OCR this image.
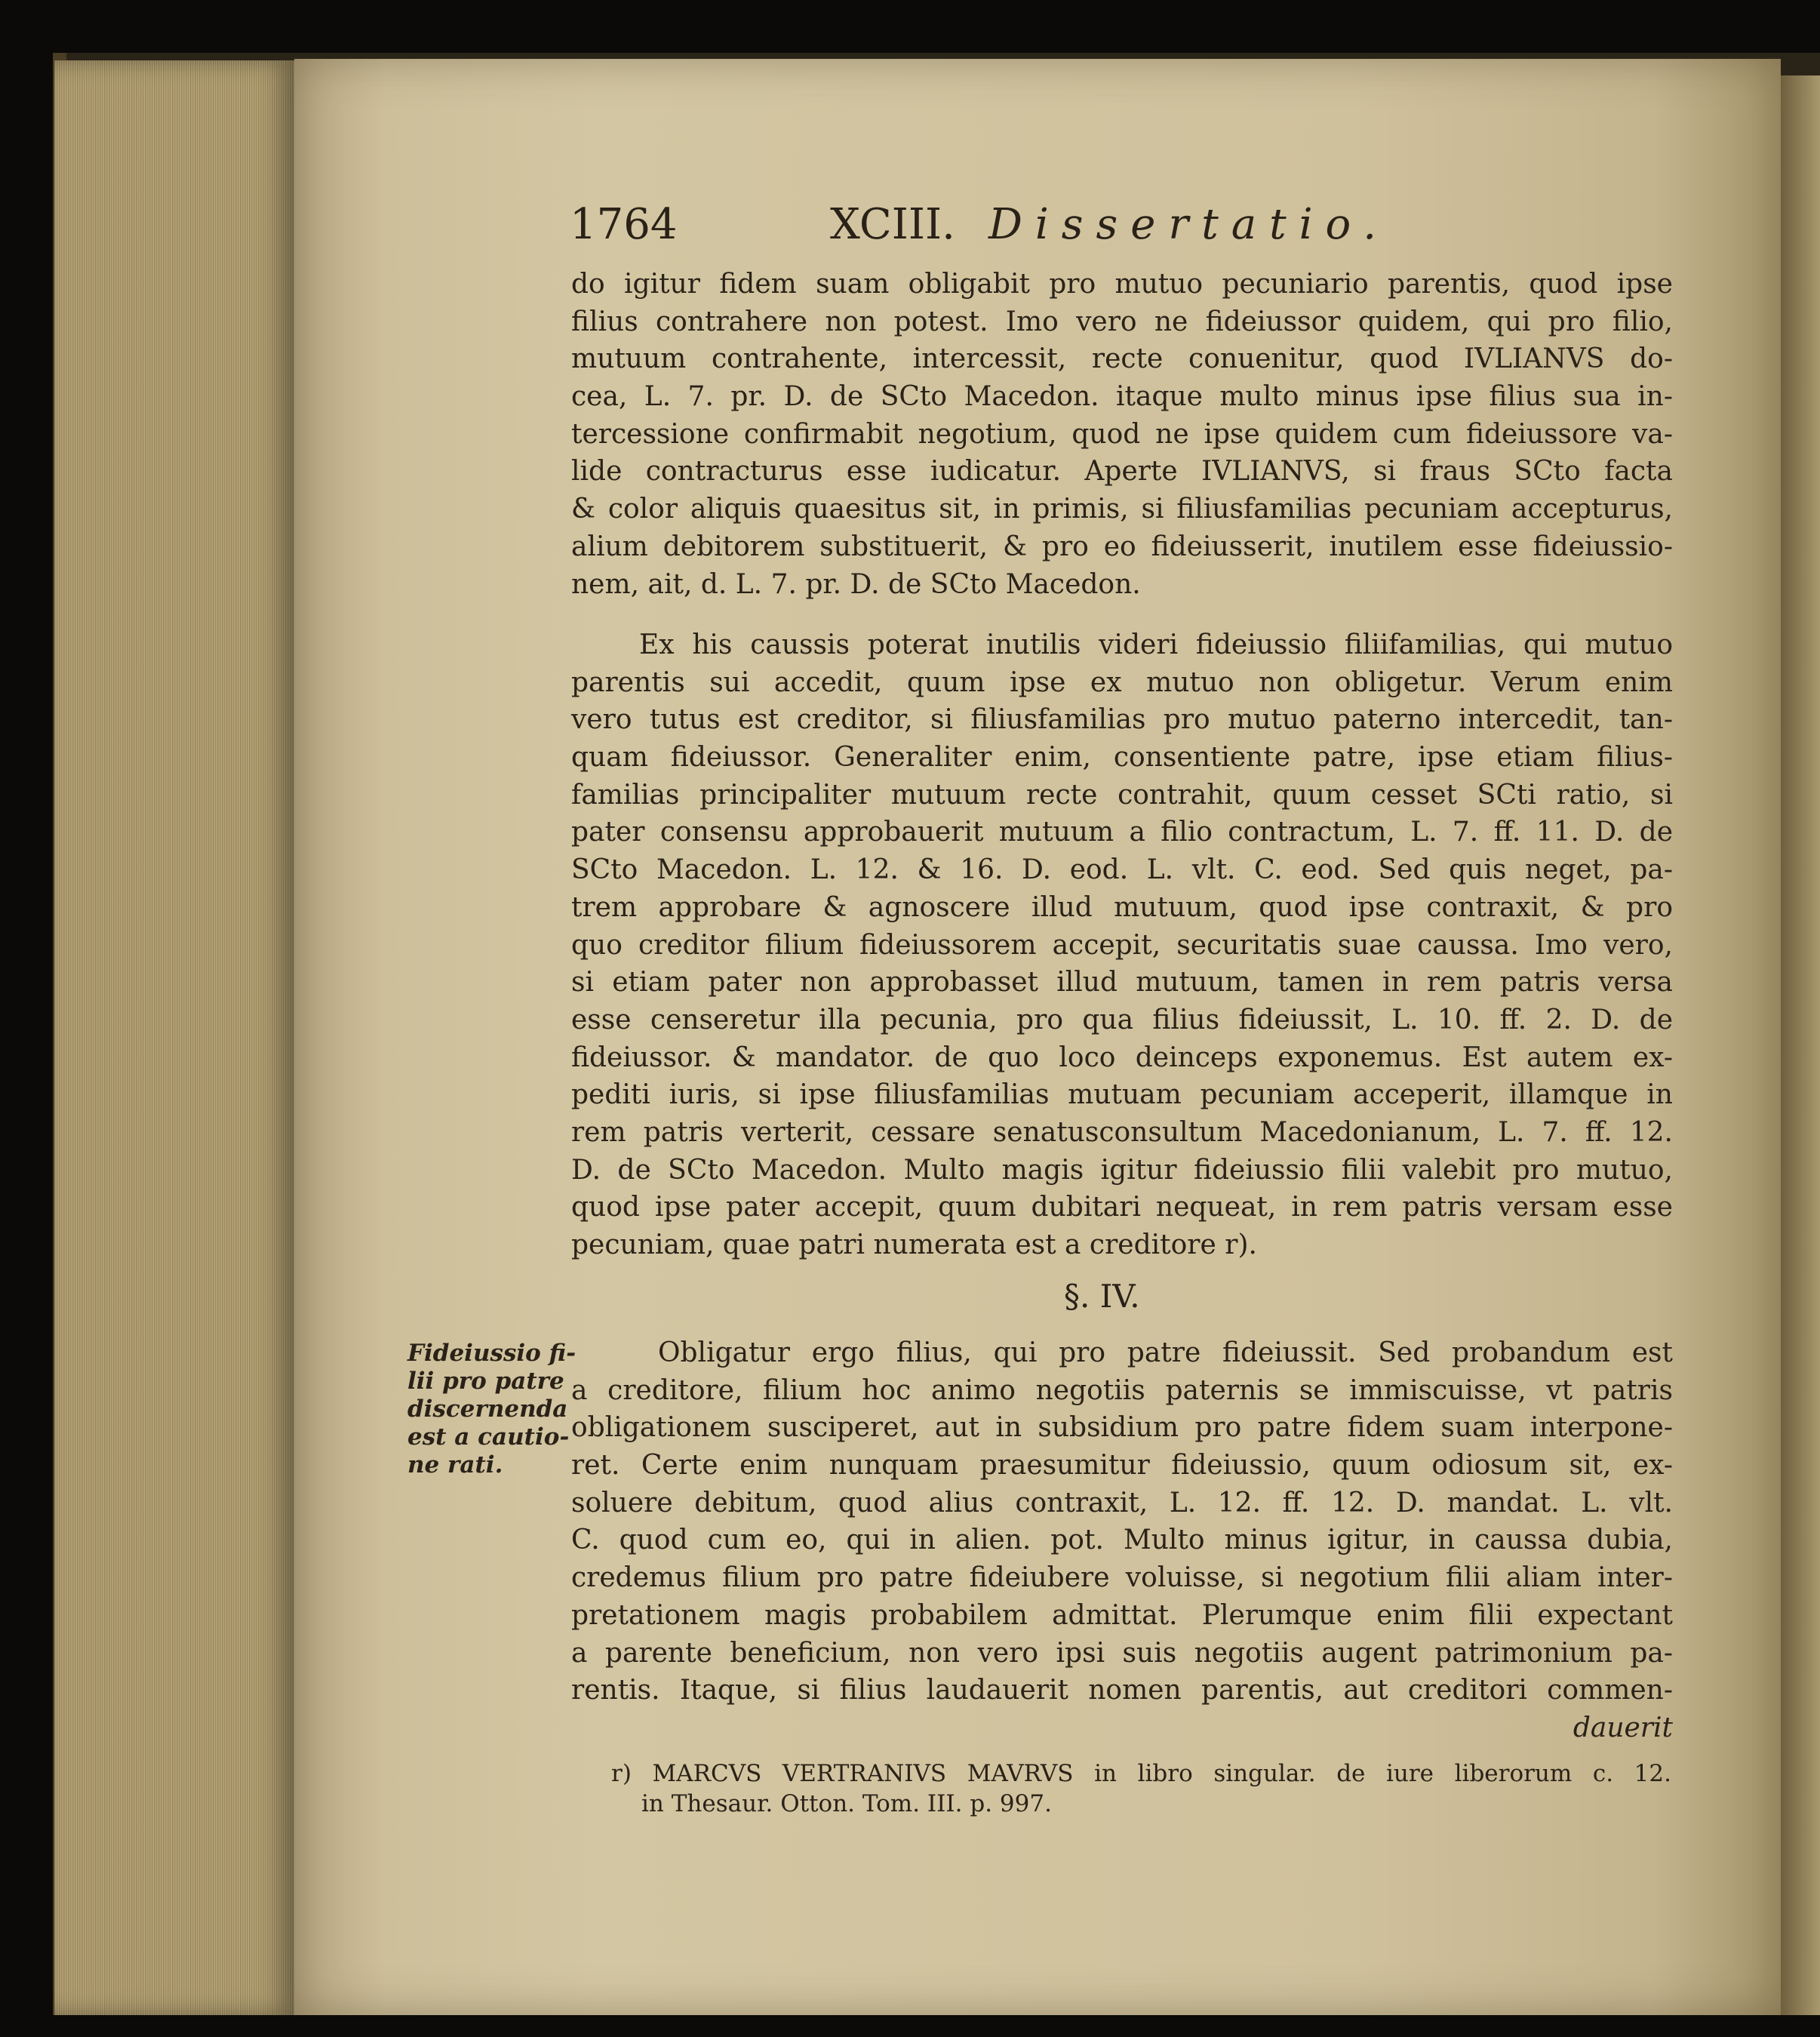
1764	XCIII. Dissertatio.
do igitur fidem suam obligabit pro mutuo pecuniario parentis, quod ipse
filius contrahere non potest. Imo vero ne fideiussor quidem, qui pro filio,
mutuum contrahente, intercessit, recte conuenitur, quod IVLIANVS do-
cea, L. 7. pr. D. de SCto Macedon. itaque multo minus ipse filius sua in-
tercessione confirmabit negotium, quod ne ipse quidem cum fideiussore va-
lide contracturus esse iudicatur. Aperte IVLIANVS, si fraus SCto facta
& color aliquis quaesitus sit, in primis, si filiusfamilias pecuniam accepturus,
alium debitorem substituerit, & pro eo fideiusserit, inutilem esse fideiussio-
nem, ait, d. L. 7. pr. D. de SCto Macedon.
Ex his caussis poterat inutilis videri fideiussio filiifamilias, qui mutuo
parentis sui accedit, quum ipse ex mutuo non obligetur. Verum enim
vero tutus est creditor, si filiusfamilias pro mutuo paterno intercedit, tan-
quam fideiussor. Generaliter enim, consentiente patre, ipse etiam filius-
familias principaliter mutuum recte contrahit, quum cesset SCti ratio, si
pater consensu approbauerit mutuum a filio contractum, L. 7. ff. 11. D. de
SCto Macedon. L. 12. & 16. D. eod. L. vlt. C. eod. Sed quis neget, pa-
trem approbare & agnoscere illud mutuum, quod ipse contraxit, & pro
quo creditor filium fideiussorem accepit, securitatis suae caussa. Imo vero,
si etiam pater non approbasset illud mutuum, tamen in rem patris versa
esse censeretur illa pecunia, pro qua filius fideiussit, L. 10. ff. 2. D. de
fideiussor. & mandator. de quo loco deinceps exponemus. Est autem ex-
pediti iuris, si ipse filiusfamilias mutuam pecuniam acceperit, illamque in
rem patris verterit, cessare senatusconsultum Macedonianum, L. 7. ff. 12.
D. de SCto Macedon. Multo magis igitur fideiussio filii valebit pro mutuo,
quod ipse pater accepit, quum dubitari nequeat, in rem patris versam esse
pecuniam, quae patri numerata est a creditore r).
§. IV.
Fideiussio fi-
lii pro patre
discernenda
est a cautio-
ne rati.
Obligatur ergo filius, qui pro patre fideiussit. Sed probandum est
a creditore, filium hoc animo negotiis paternis se immiscuisse, vt patris
obligationem susciperet, aut in subsidium pro patre fidem suam interpone-
ret. Certe enim nunquam praesumitur fideiussio, quum odiosum sit, ex-
soluere debitum, quod alius contraxit, L. 12. ff. 12. D. mandat. L. vlt.
C. quod cum eo, qui in alien. pot. Multo minus igitur, in caussa dubia,
credemus filium pro patre fideiubere voluisse, si negotium filii aliam inter-
pretationem magis probabilem admittat. Plerumque enim filii expectant
a parente beneficium, non vero ipsi suis negotiis augent patrimonium pa-
rentis. Itaque, si filius laudauerit nomen parentis, aut creditori commen-
dauerit
r) MARCVS VERTRANIVS MAVRVS in libro singular. de iure liberorum c. 12.
in Thesaur. Otton. Tom. III. p. 997.
